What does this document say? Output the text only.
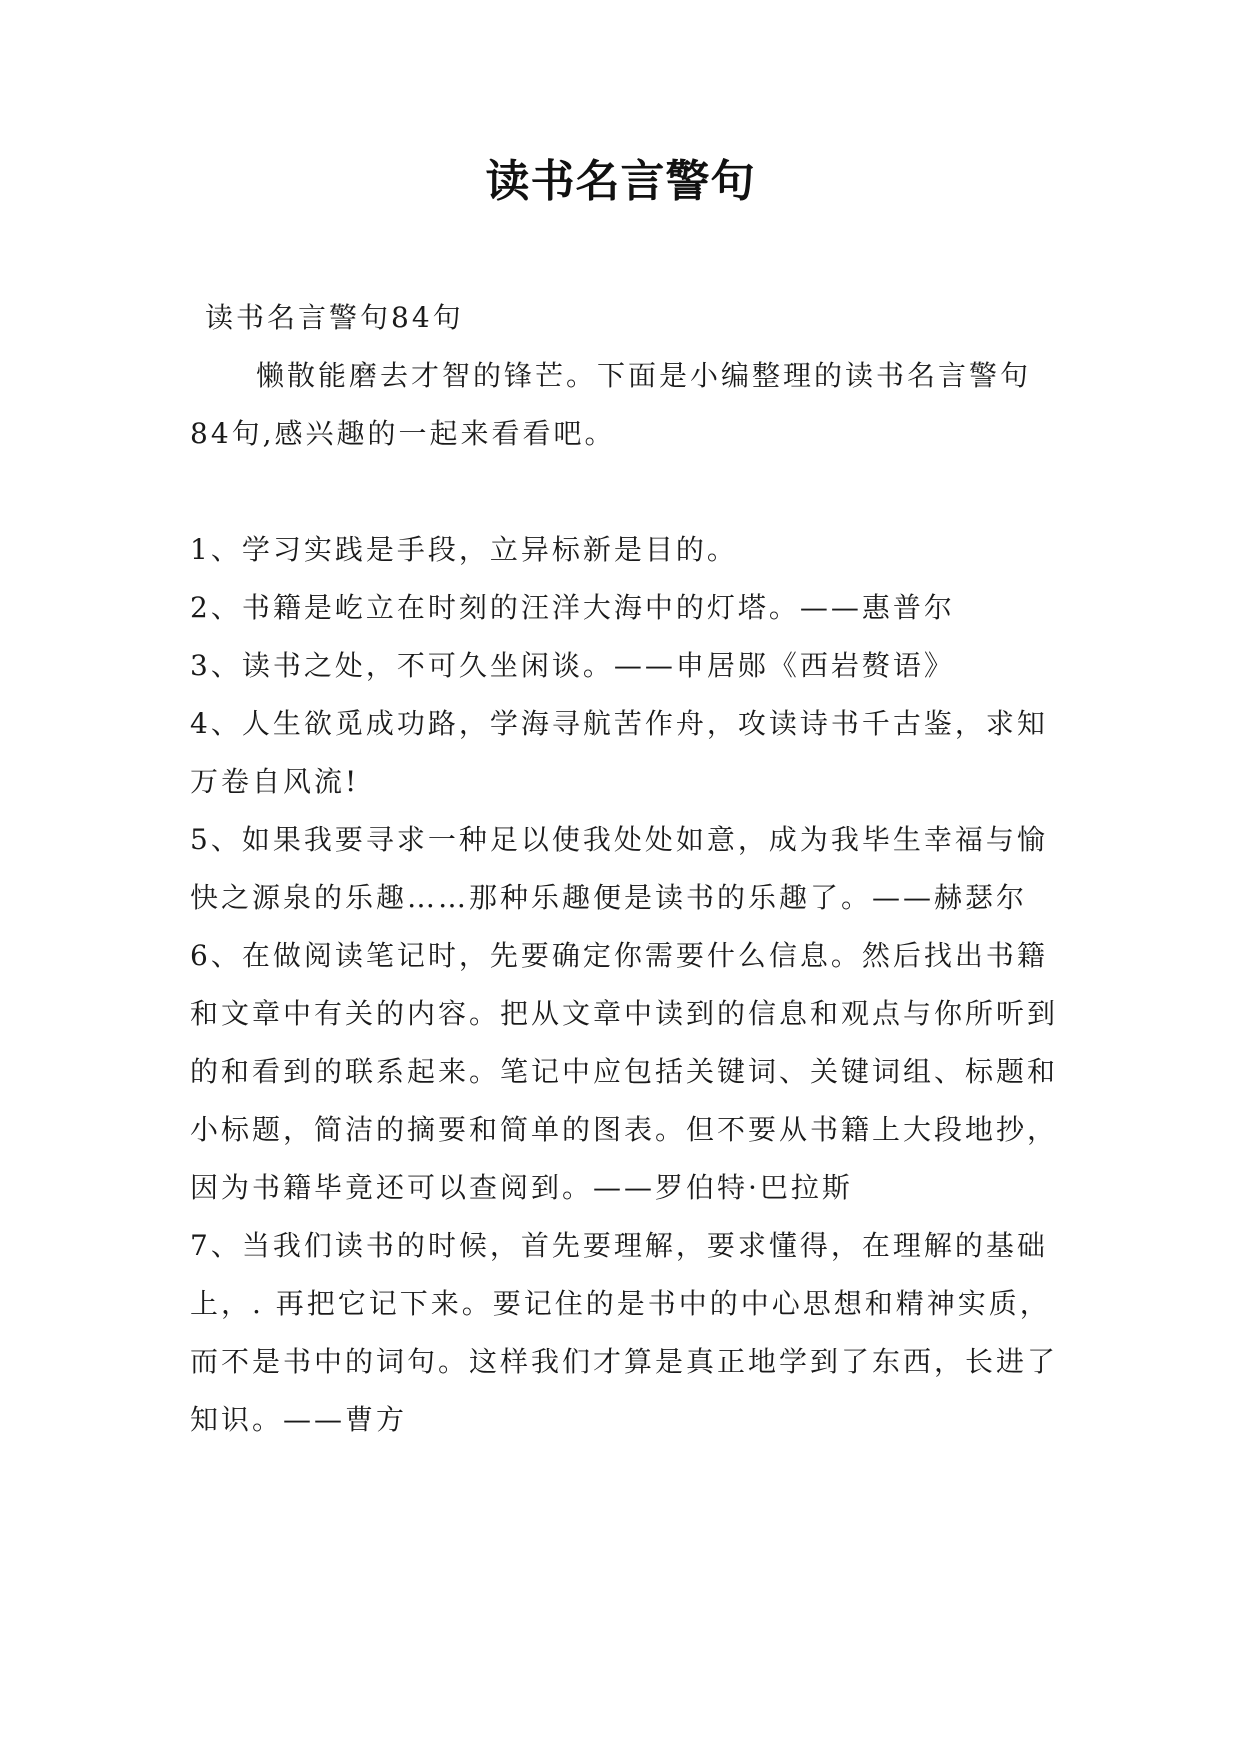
读书名言警句
读书名言警句84句
懒散能磨去才智的锋芒。下面是小编整理的读书名言警句84句,感兴趣的一起来看看吧。

1、学习实践是手段，立异标新是目的。

2、书籍是屹立在时刻的汪洋大海中的灯塔。——惠普尔

3、读书之处，不可久坐闲谈。——申居郧《西岩赘语》

4、人生欲觅成功路，学海寻航苦作舟，攻读诗书千古鉴，求知万卷自风流!

5、如果我要寻求一种足以使我处处如意，成为我毕生幸福与愉快之源泉的乐趣……那种乐趣便是读书的乐趣了。——赫瑟尔

6、在做阅读笔记时，先要确定你需要什么信息。然后找出书籍和文章中有关的内容。把从文章中读到的信息和观点与你所听到的和看到的联系起来。笔记中应包括关键词、关键词组、标题和小标题，简洁的摘要和简单的图表。但不要从书籍上大段地抄，因为书籍毕竟还可以查阅到。——罗伯特·巴拉斯

7、当我们读书的时候，首先要理解，要求懂得，在理解的基础上，. 再把它记下来。要记住的是书中的中心思想和精神实质，而不是书中的词句。这样我们才算是真正地学到了东西，长进了知识。——曹方
